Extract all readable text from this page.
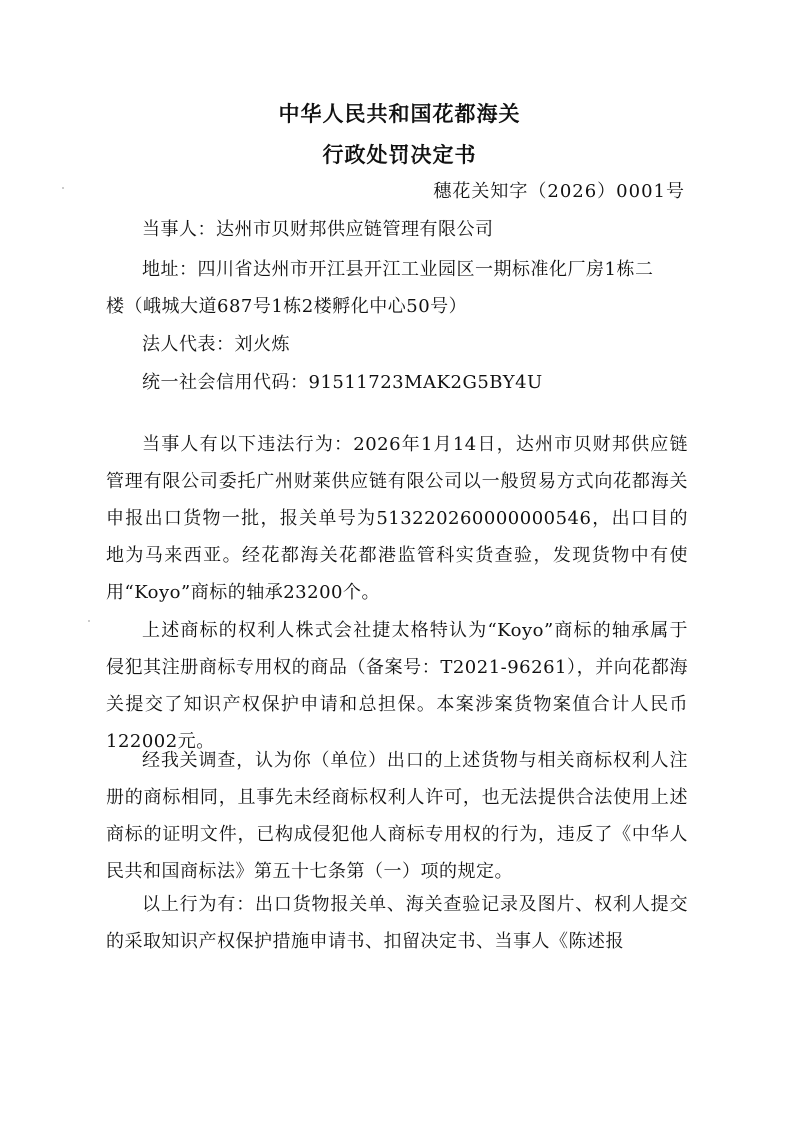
中华人民共和国花都海关
行政处罚决定书
穗花关知字（2026）0001号
当事人：达州市贝财邦供应链管理有限公司
地址：四川省达州市开江县开江工业园区一期标准化厂房1栋二
楼（峨城大道687号1栋2楼孵化中心50号）
法人代表：刘火炼
统一社会信用代码：91511723MAK2G5BY4U
当事人有以下违法行为：2026年1月14日，达州市贝财邦供应链管理有限公司委托广州财莱供应链有限公司以一般贸易方式向花都海关申报出口货物一批，报关单号为513220260000000546，出口目的地为马来西亚。经花都海关花都港监管科实货查验，发现货物中有使用“Koyo”商标的轴承23200个。
上述商标的权利人株式会社捷太格特认为“Koyo”商标的轴承属于侵犯其注册商标专用权的商品（备案号：T2021-96261），并向花都海关提交了知识产权保护申请和总担保。本案涉案货物案值合计人民币122002元。
经我关调查，认为你（单位）出口的上述货物与相关商标权利人注册的商标相同，且事先未经商标权利人许可，也无法提供合法使用上述商标的证明文件，已构成侵犯他人商标专用权的行为，违反了《中华人民共和国商标法》第五十七条第（一）项的规定。
以上行为有：出口货物报关单、海关查验记录及图片、权利人提交的采取知识产权保护措施申请书、扣留决定书、当事人《陈述报
